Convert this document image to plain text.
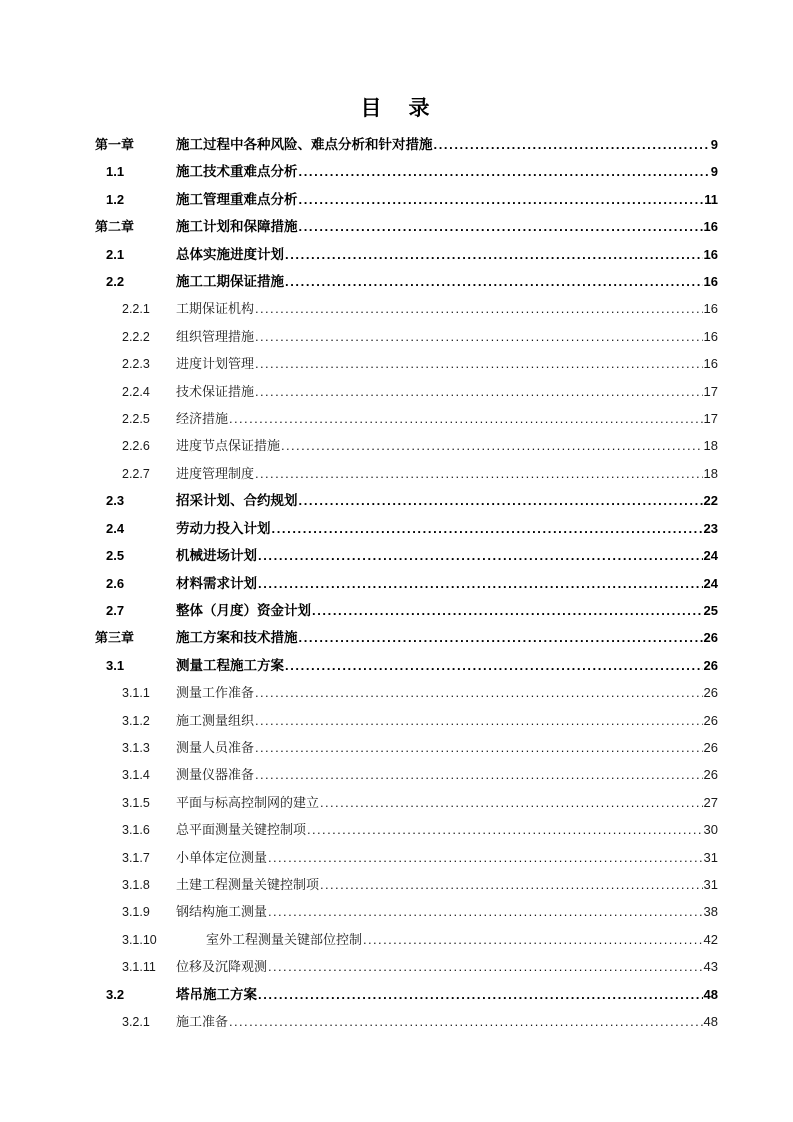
目　录
第一章	施工过程中各种风险、难点分析和针对措施 .....	9
1.1	施工技术重难点分析 .....	9
1.2	施工管理重难点分析 .....	11
第二章	施工计划和保障措施 .....	16
2.1	总体实施进度计划 .....	16
2.2	施工工期保证措施 .....	16
2.2.1	工期保证机构 .....	16
2.2.2	组织管理措施 .....	16
2.2.3	进度计划管理 .....	16
2.2.4	技术保证措施 .....	17
2.2.5	经济措施 .....	17
2.2.6	进度节点保证措施 .....	18
2.2.7	进度管理制度 .....	18
2.3	招采计划、合约规划 .....	22
2.4	劳动力投入计划 .....	23
2.5	机械进场计划 .....	24
2.6	材料需求计划 .....	24
2.7	整体（月度）资金计划 .....	25
第三章	施工方案和技术措施 .....	26
3.1	测量工程施工方案 .....	26
3.1.1	测量工作准备 .....	26
3.1.2	施工测量组织 .....	26
3.1.3	测量人员准备 .....	26
3.1.4	测量仪器准备 .....	26
3.1.5	平面与标高控制网的建立 .....	27
3.1.6	总平面测量关键控制项 .....	30
3.1.7	小单体定位测量 .....	31
3.1.8	土建工程测量关键控制项 .....	31
3.1.9	钢结构施工测量 .....	38
3.1.10	室外工程测量关键部位控制 .....	42
3.1.11	位移及沉降观测 .....	43
3.2	塔吊施工方案 .....	48
3.2.1	施工准备 .....	48
